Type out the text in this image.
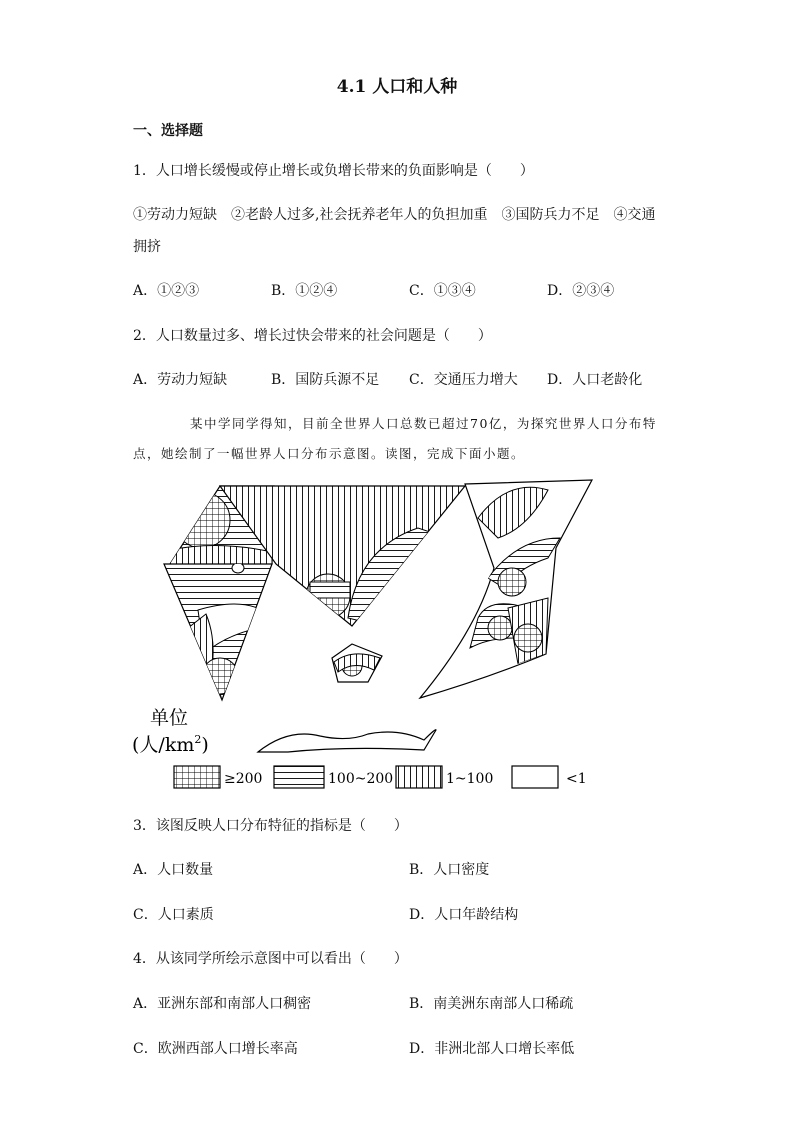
4.1 人口和人种
一、选择题
1．人口增长缓慢或停止增长或负增长带来的负面影响是（　　）
①劳动力短缺　②老龄人过多,社会抚养老年人的负担加重　③国防兵力不足　④交通
拥挤
A．①②③	B．①②④	C．①③④	D．②③④
2．人口数量过多、增长过快会带来的社会问题是（　　）
A．劳动力短缺	B．国防兵源不足 C．交通压力增大 D．人口老龄化
某中学同学得知，目前全世界人口总数已超过70亿，为探究世界人口分布特
点，她绘制了一幅世界人口分布示意图。读图，完成下面小题。
单位
(人$/km^2$)
≥200	100~200	1~100	<1
3．该图反映人口分布特征的指标是（　　）
A．人口数量	B．人口密度
C．人口素质	D．人口年龄结构
4．从该同学所绘示意图中可以看出（　　）
A．亚洲东部和南部人口稠密	B．南美洲东南部人口稀疏
C．欧洲西部人口增长率高	D．非洲北部人口增长率低
